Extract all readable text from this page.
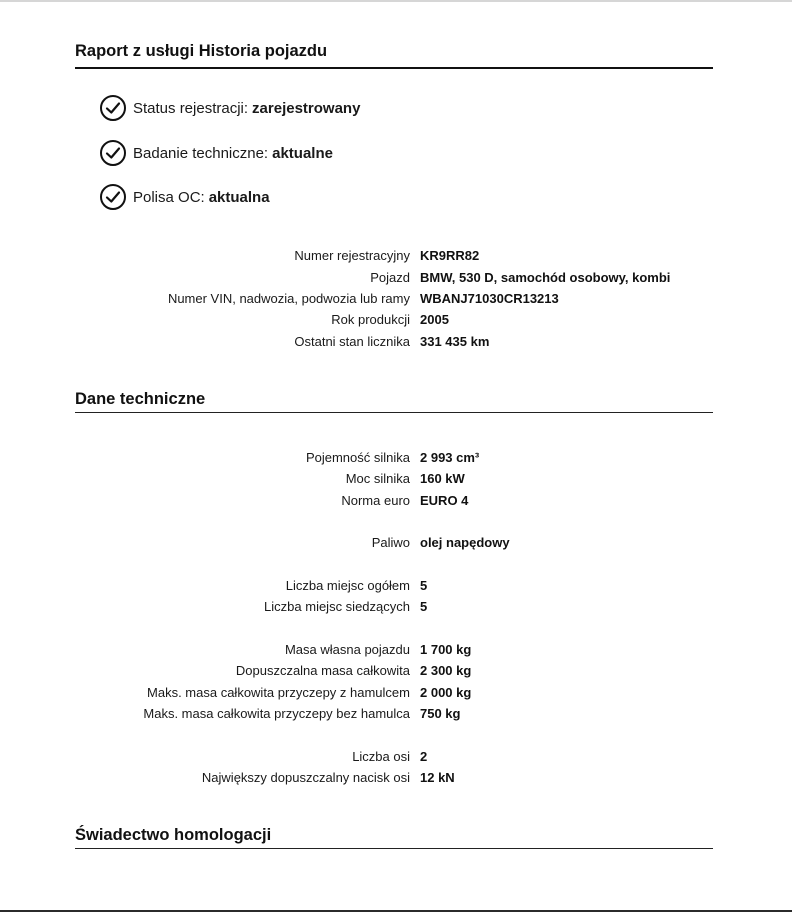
Raport z usługi Historia pojazdu
Status rejestracji: zarejestrowany
Badanie techniczne: aktualne
Polisa OC: aktualna
Numer rejestracyjny KR9RR82
Pojazd BMW, 530 D, samochód osobowy, kombi
Numer VIN, nadwozia, podwozia lub ramy WBANJ71030CR13213
Rok produkcji 2005
Ostatni stan licznika 331 435 km
Dane techniczne
Pojemność silnika 2 993 cm³
Moc silnika 160 kW
Norma euro EURO 4
Paliwo olej napędowy
Liczba miejsc ogółem 5
Liczba miejsc siedzących 5
Masa własna pojazdu 1 700 kg
Dopuszczalna masa całkowita 2 300 kg
Maks. masa całkowita przyczepy z hamulcem 2 000 kg
Maks. masa całkowita przyczepy bez hamulca 750 kg
Liczba osi 2
Największy dopuszczalny nacisk osi 12 kN
Świadectwo homologacji
